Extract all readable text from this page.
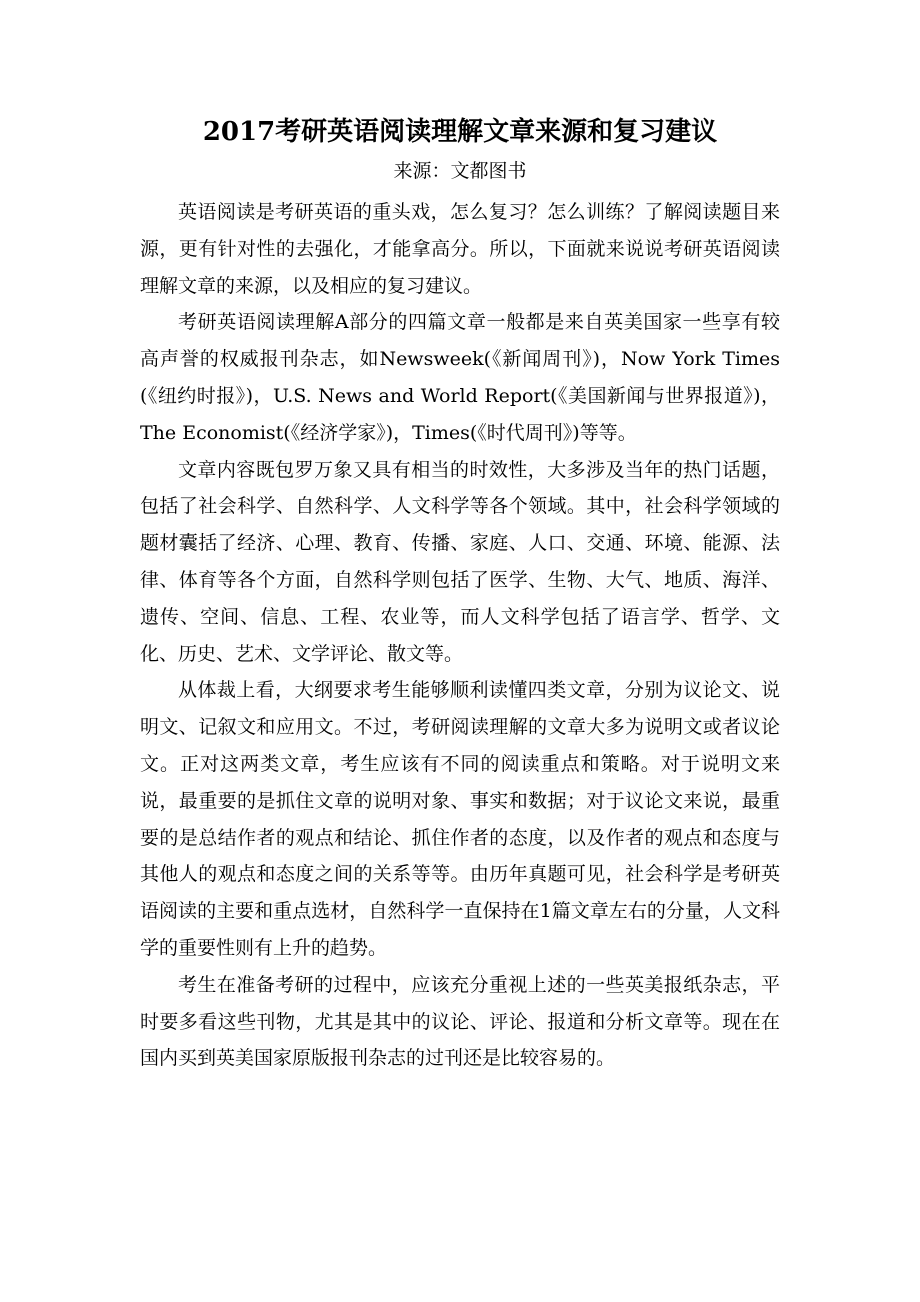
2017考研英语阅读理解文章来源和复习建议
来源：文都图书

英语阅读是考研英语的重头戏，怎么复习？怎么训练？了解阅读题目来源，更有针对性的去强化，才能拿高分。所以，下面就来说说考研英语阅读理解文章的来源，以及相应的复习建议。

考研英语阅读理解A部分的四篇文章一般都是来自英美国家一些享有较高声誉的权威报刊杂志，如Newsweek(《新闻周刊》)，Now York Times(《纽约时报》)，U.S. News and World Report(《美国新闻与世界报道》)，The Economist(《经济学家》)，Times(《时代周刊》)等等。

文章内容既包罗万象又具有相当的时效性，大多涉及当年的热门话题，包括了社会科学、自然科学、人文科学等各个领域。其中，社会科学领域的题材囊括了经济、心理、教育、传播、家庭、人口、交通、环境、能源、法律、体育等各个方面，自然科学则包括了医学、生物、大气、地质、海洋、遗传、空间、信息、工程、农业等，而人文科学包括了语言学、哲学、文化、历史、艺术、文学评论、散文等。

从体裁上看，大纲要求考生能够顺利读懂四类文章，分别为议论文、说明文、记叙文和应用文。不过，考研阅读理解的文章大多为说明文或者议论文。正对这两类文章，考生应该有不同的阅读重点和策略。对于说明文来说，最重要的是抓住文章的说明对象、事实和数据；对于议论文来说，最重要的是总结作者的观点和结论、抓住作者的态度，以及作者的观点和态度与其他人的观点和态度之间的关系等等。由历年真题可见，社会科学是考研英语阅读的主要和重点选材，自然科学一直保持在1篇文章左右的分量，人文科学的重要性则有上升的趋势。

考生在准备考研的过程中，应该充分重视上述的一些英美报纸杂志，平时要多看这些刊物，尤其是其中的议论、评论、报道和分析文章等。现在在国内买到英美国家原版报刊杂志的过刊还是比较容易的。
